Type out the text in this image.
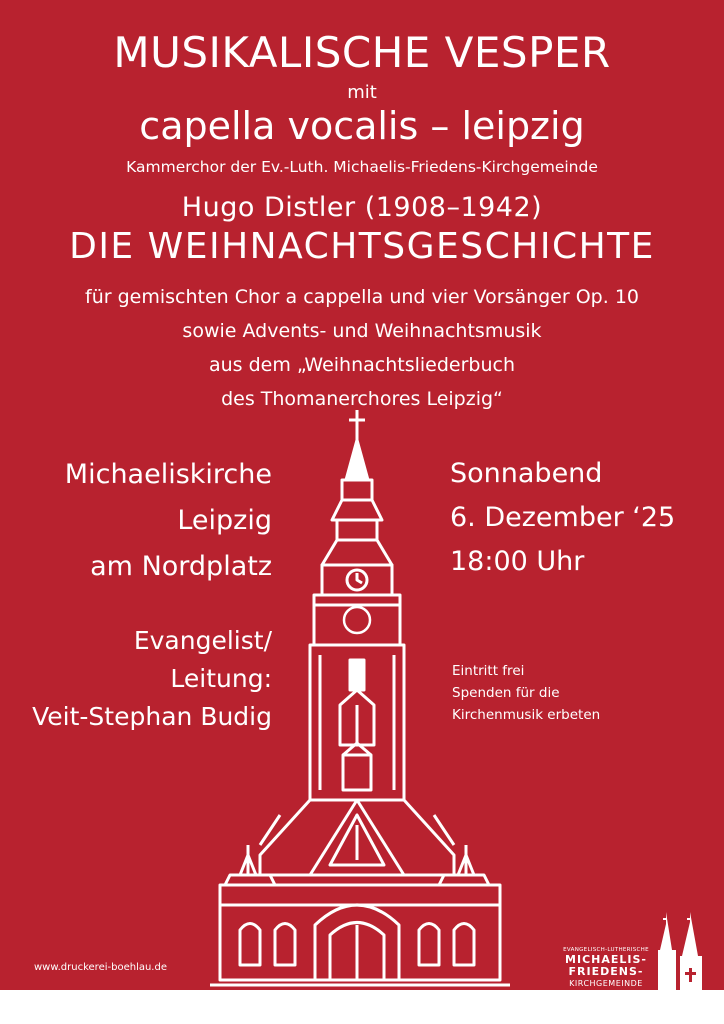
MUSIKALISCHE VESPER
mit
capella vocalis – leipzig
Kammerchor der Ev.-Luth. Michaelis-Friedens-Kirchgemeinde
Hugo Distler (1908–1942)
DIE WEIHNACHTSGESCHICHTE
für gemischten Chor a cappella und vier Vorsänger Op. 10
sowie Advents- und Weihnachtsmusik
aus dem „Weihnachtsliederbuch
des Thomanerchores Leipzig“
Michaeliskirche
Leipzig
am Nordplatz
Evangelist/
Leitung:
Veit-Stephan Budig
Sonnabend
6. Dezember ‘25
18:00 Uhr
Eintritt frei
Spenden für die
Kirchenmusik erbeten
www.druckerei-boehlau.de
EVANGELISCH-LUTHERISCHE
MICHAELIS-
FRIEDENS-
KIRCHGEMEINDE
